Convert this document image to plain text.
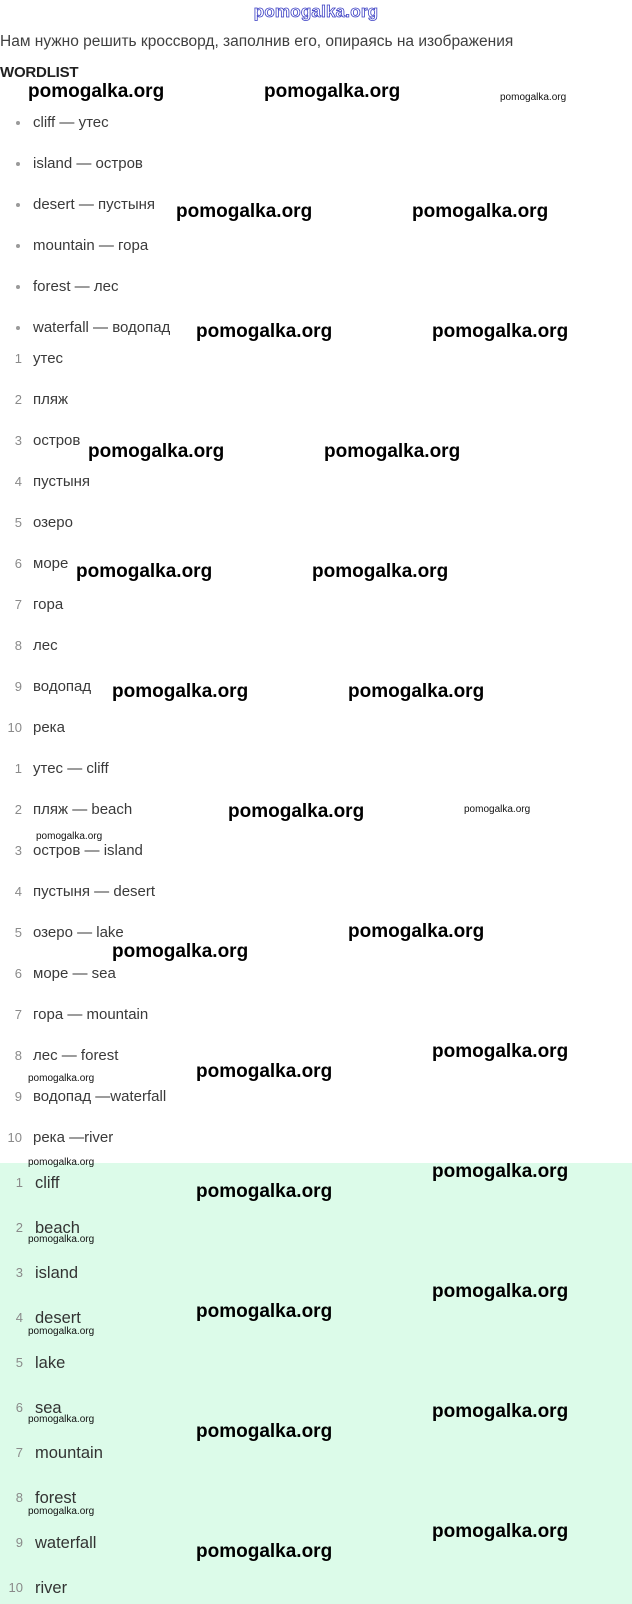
pomogalka.org
Нам нужно решить кроссворд, заполнив его, опираясь на изображения
WORDLIST
cliff — утес
island — остров
desert — пустыня
mountain — гора
forest — лес
waterfall — водопад
1 утес
2 пляж
3 остров
4 пустыня
5 озеро
6 море
7 гора
8 лес
9 водопад
10 река
1 утес — cliff
2 пляж — beach
3 остров — island
4 пустыня — desert
5 озеро — lake
6 море — sea
7 гора — mountain
8 лес — forest
9 водопад —waterfall
10 река —river
1 cliff
2 beach
3 island
4 desert
5 lake
6 sea
7 mountain
8 forest
9 waterfall
10 river
pomogalka.org	pomogalka.org	pomogalka.org
pomogalka.org	pomogalka.org
pomogalka.org	pomogalka.org
pomogalka.org	pomogalka.org
pomogalka.org	pomogalka.org
pomogalka.org	pomogalka.org
pomogalka.org	pomogalka.org
pomogalka.org
pomogalka.org
pomogalka.org
pomogalka.org
pomogalka.org
pomogalka.org
pomogalka.org	pomogalka.org
pomogalka.org
pomogalka.org
pomogalka.org
pomogalka.org
pomogalka.org
pomogalka.org	pomogalka.org
pomogalka.org
pomogalka.org
pomogalka.org
pomogalka.org
